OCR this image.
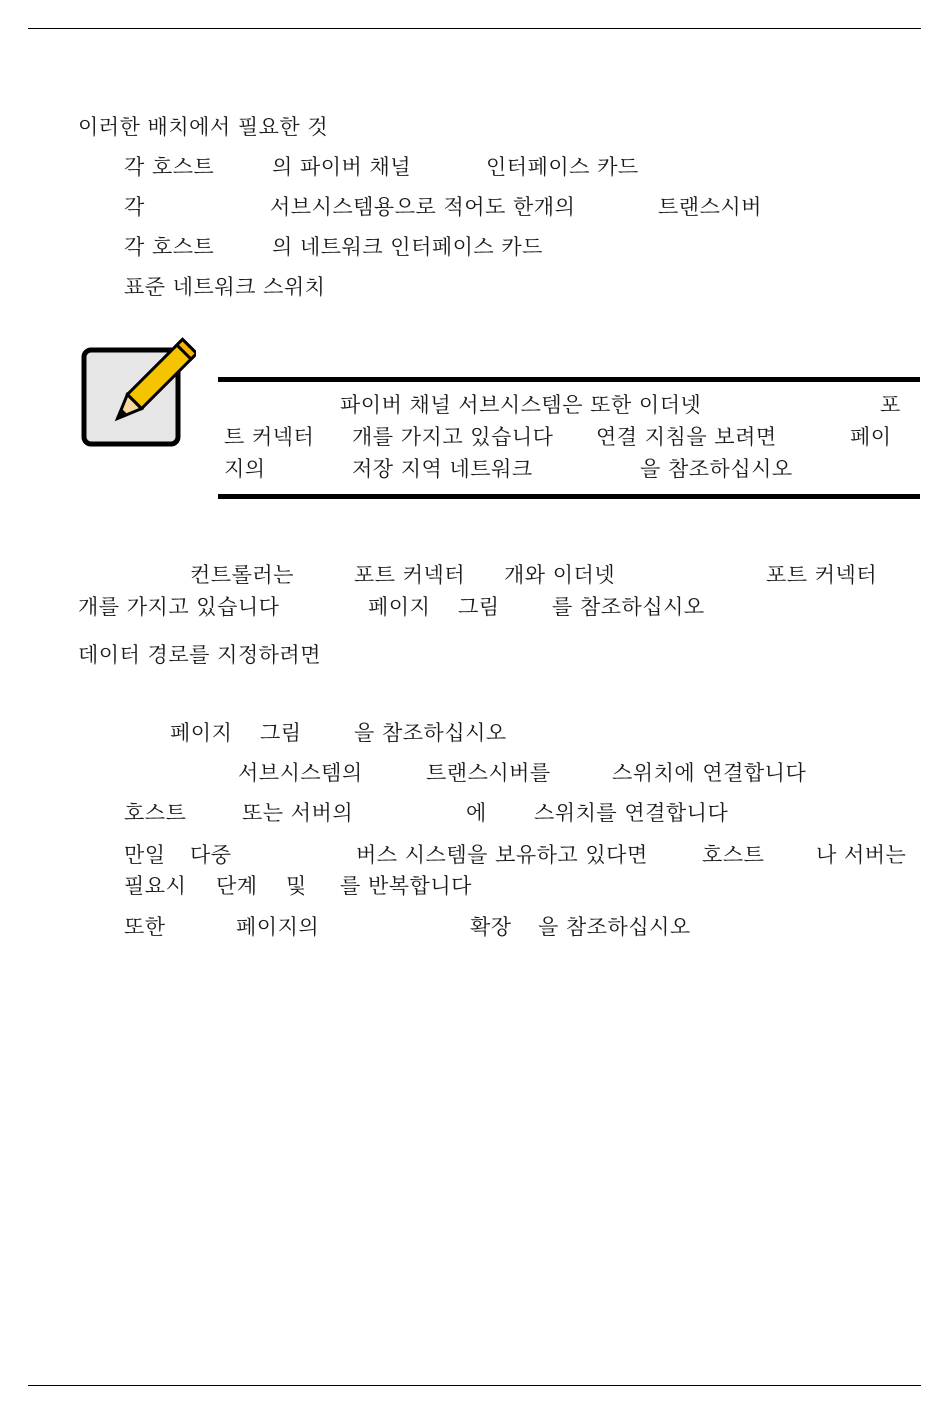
이러한 배치에서 필요한 것
각 호스트	의 파이버 채널	인터페이스 카드
각	서브시스템용으로 적어도 한개의	트랜스시버
각 호스트	의 네트워크 인터페이스 카드
표준 네트워크 스위치
파이버 채널 서브시스템은 또한 이더넷	포
트 커넥터 개를 가지고 있습니다 연결 지침을 보려면	페이
지의	저장 지역 네트워크	을 참조하십시오
컨트롤러는	포트 커넥터 개와 이더넷	포트 커넥터
개를 가지고 있습니다	페이지 그림 를 참조하십시오
데이터 경로를 지정하려면
페이지 그림 을 참조하십시오
서브시스템의	트랜스시버를	스위치에 연결합니다
호스트	또는 서버의	에 스위치를 연결합니다
만일 다중	버스 시스템을 보유하고 있다면	호스트 나 서버는
필요시 단계 및 를 반복합니다
또한	페이지의	확장 을 참조하십시오
